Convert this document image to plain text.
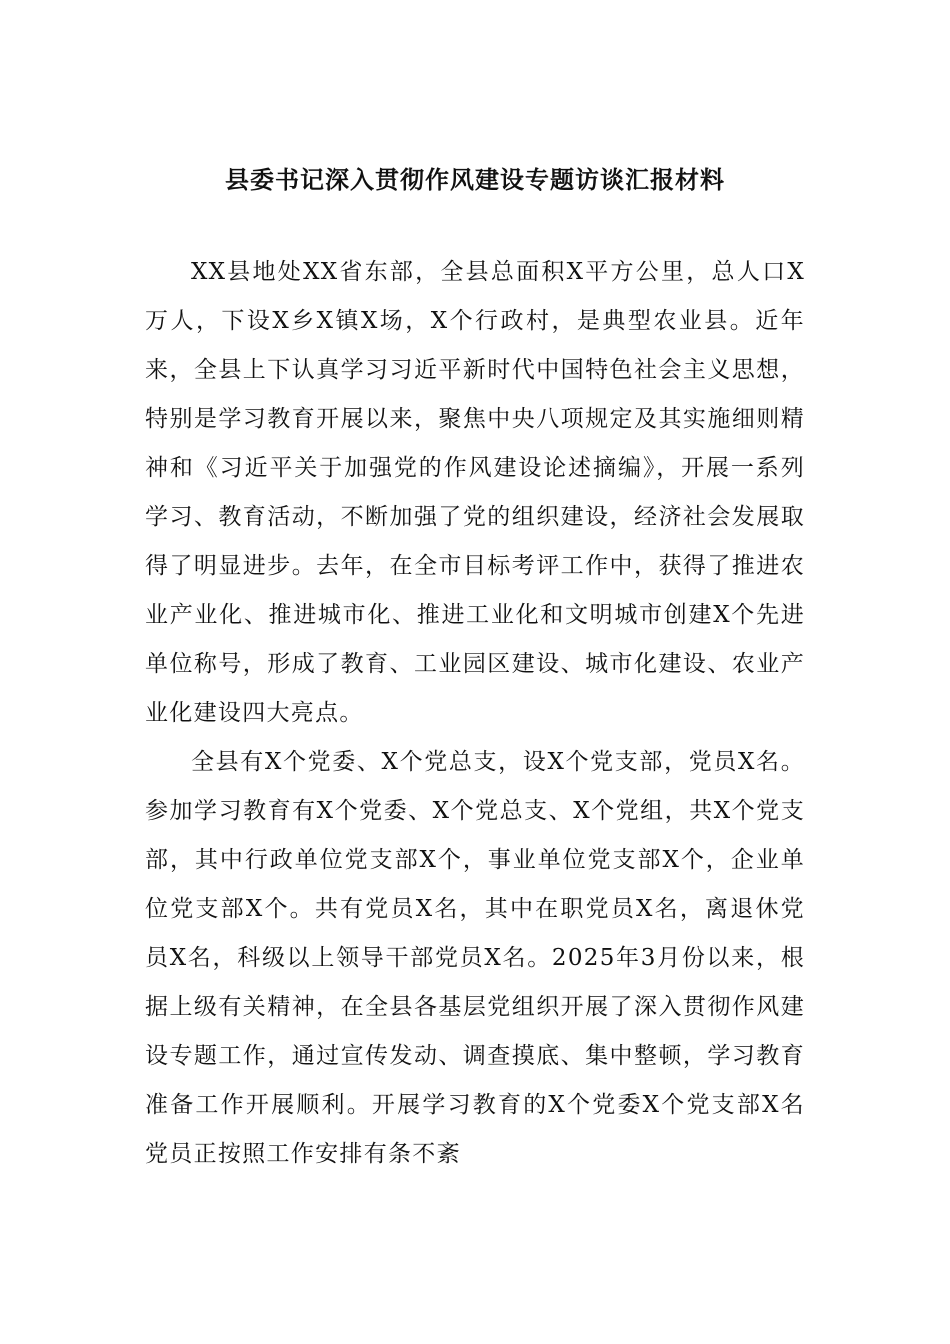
县委书记深入贯彻作风建设专题访谈汇报材料

XX县地处XX省东部，全县总面积X平方公里，总人口X万人，下设X乡X镇X场，X个行政村，是典型农业县。近年来，全县上下认真学习习近平新时代中国特色社会主义思想，特别是学习教育开展以来，聚焦中央八项规定及其实施细则精神和《习近平关于加强党的作风建设论述摘编》，开展一系列学习、教育活动，不断加强了党的组织建设，经济社会发展取得了明显进步。去年，在全市目标考评工作中，获得了推进农业产业化、推进城市化、推进工业化和文明城市创建X个先进单位称号，形成了教育、工业园区建设、城市化建设、农业产业化建设四大亮点。

全县有X个党委、X个党总支，设X个党支部，党员X名。参加学习教育有X个党委、X个党总支、X个党组，共X个党支部，其中行政单位党支部X个，事业单位党支部X个，企业单位党支部X个。共有党员X名，其中在职党员X名，离退休党员X名，科级以上领导干部党员X名。2025年3月份以来，根据上级有关精神，在全县各基层党组织开展了深入贯彻作风建设专题工作，通过宣传发动、调查摸底、集中整顿，学习教育准备工作开展顺利。开展学习教育的X个党委X个党支部X名党员正按照工作安排有条不紊
